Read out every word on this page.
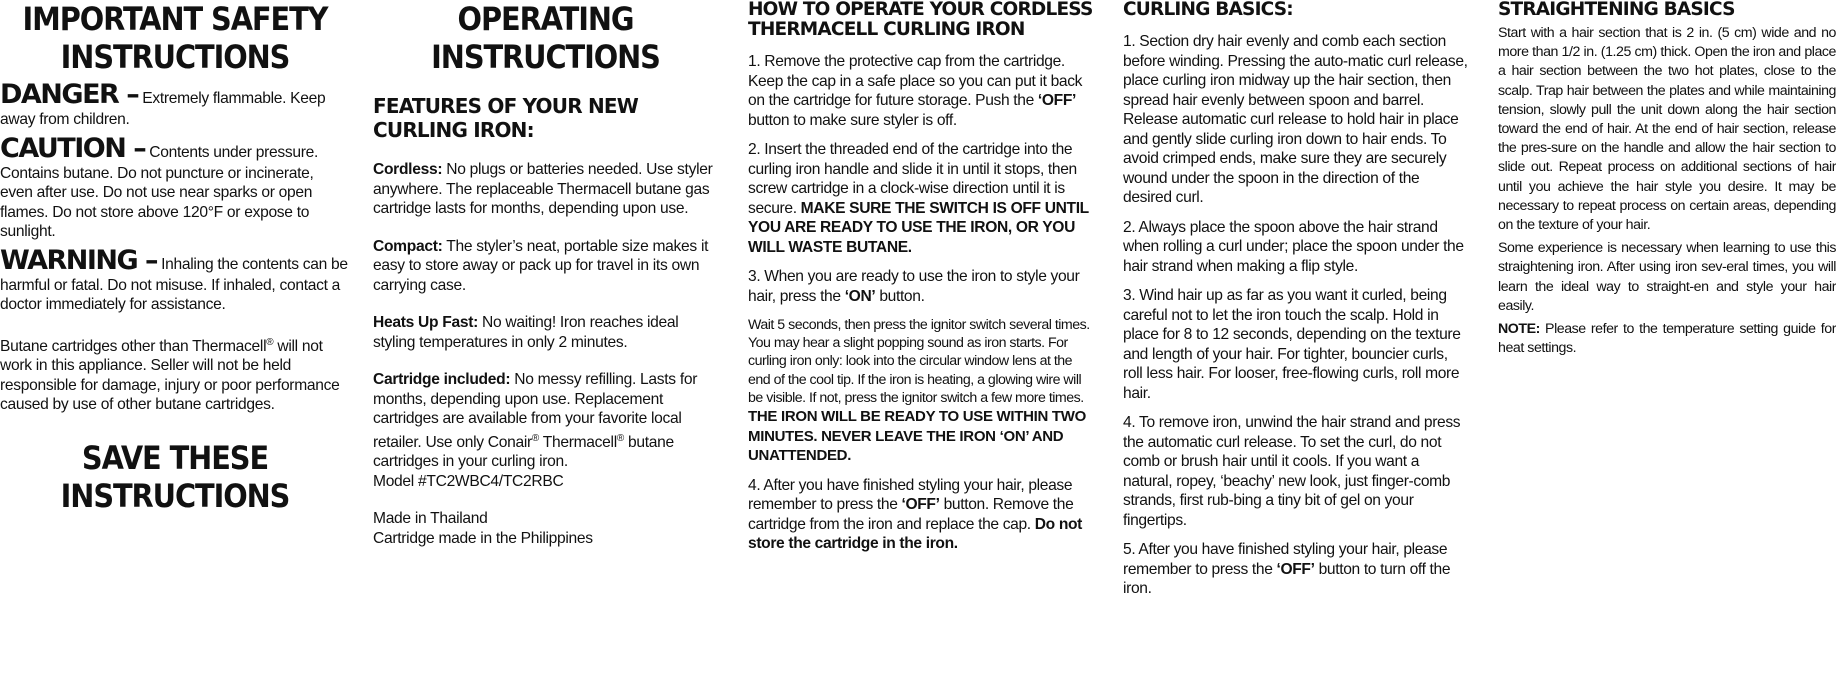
IMPORTANT SAFETY
INSTRUCTIONS

DANGER – Extremely flammable. Keep away from children.

CAUTION – Contents under pressure. Contains butane. Do not puncture or incinerate, even after use. Do not use near sparks or open flames. Do not store above 120°F or expose to sunlight.

WARNING – Inhaling the contents can be harmful or fatal. Do not misuse. If inhaled, contact a doctor immediately for assistance.

Butane cartridges other than Thermacell® will not work in this appliance. Seller will not be held responsible for damage, injury or poor performance caused by use of other butane cartridges.

SAVE THESE
INSTRUCTIONS
OPERATING
INSTRUCTIONS
FEATURES OF YOUR NEW
CURLING IRON:

Cordless: No plugs or batteries needed. Use styler anywhere. The replaceable Thermacell butane gas cartridge lasts for months, depending upon use.

Compact: The styler’s neat, portable size makes it easy to store away or pack up for travel in its own carrying case.

Heats Up Fast: No waiting! Iron reaches ideal styling temperatures in only 2 minutes.

Cartridge included: No messy refilling. Lasts for months, depending upon use. Replacement cartridges are available from your favorite local retailer. Use only Conair® Thermacell® butane cartridges in your curling iron.
Model #TC2WBC4/TC2RBC

Made in Thailand
Cartridge made in the Philippines

HOW TO OPERATE YOUR CORDLESS
THERMACELL CURLING IRON

1. Remove the protective cap from the cartridge. Keep the cap in a safe place so you can put it back on the cartridge for future storage. Push the ‘OFF’ button to make sure styler is off.

2. Insert the threaded end of the cartridge into the curling iron handle and slide it in until it stops, then screw cartridge in a clock-wise direction until it is secure. MAKE SURE THE SWITCH IS OFF UNTIL YOU ARE READY TO USE THE IRON, OR YOU WILL WASTE BUTANE.

3. When you are ready to use the iron to style your hair, press the ‘ON’ button.

Wait 5 seconds, then press the ignitor switch several times. You may hear a slight popping sound as iron starts. For curling iron only: look into the circular window lens at the end of the cool tip. If the iron is heating, a glowing wire will be visible. If not, press the ignitor switch a few more times.

THE IRON WILL BE READY TO USE WITHIN TWO MINUTES. NEVER LEAVE THE IRON ‘ON’ AND UNATTENDED.

4. After you have finished styling your hair, please remember to press the ‘OFF’ button. Remove the cartridge from the iron and replace the cap. Do not store the cartridge in the iron.

CURLING BASICS:

1. Section dry hair evenly and comb each section before winding. Pressing the auto-matic curl release, place curling iron midway up the hair section, then spread hair evenly between spoon and barrel. Release automatic curl release to hold hair in place and gently slide curling iron down to hair ends. To avoid crimped ends, make sure they are securely wound under the spoon in the direction of the desired curl.

2. Always place the spoon above the hair strand when rolling a curl under; place the spoon under the hair strand when making a flip style.

3. Wind hair up as far as you want it curled, being careful not to let the iron touch the scalp. Hold in place for 8 to 12 seconds, depending on the texture and length of your hair. For tighter, bouncier curls, roll less hair. For looser, free-flowing curls, roll more hair.

4. To remove iron, unwind the hair strand and press the automatic curl release. To set the curl, do not comb or brush hair until it cools. If you want a natural, ropey, ‘beachy’ new look, just finger-comb strands, first rub-bing a tiny bit of gel on your fingertips.

5. After you have finished styling your hair, please remember to press the ‘OFF’ button to turn off the iron.

STRAIGHTENING BASICS

Start with a hair section that is 2 in. (5 cm) wide and no more than 1/2 in. (1.25 cm) thick. Open the iron and place a hair section between the two hot plates, close to the scalp. Trap hair between the plates and while maintaining tension, slowly pull the unit down along the hair section toward the end of hair. At the end of hair section, release the pres-sure on the handle and allow the hair section to slide out. Repeat process on additional sections of hair until you achieve the hair style you desire. It may be necessary to repeat process on certain areas, depending on the texture of your hair.

Some experience is necessary when learning to use this straightening iron. After using iron sev-eral times, you will learn the ideal way to straight-en and style your hair easily.

NOTE: Please refer to the temperature setting guide for heat settings.
